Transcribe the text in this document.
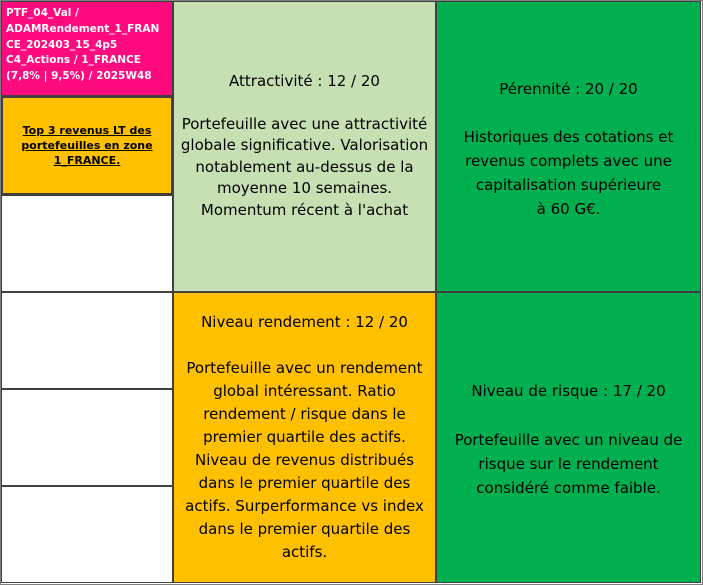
PTF_04_Val /
ADAMRendement_1_FRAN
CE_202403_15_4p5
C4_Actions / 1_FRANCE
(7,8% | 9,5%) / 2025W48
Top 3 revenus LT des
portefeuilles en zone
1_FRANCE.
Attractivité : 12 / 20
Portefeuille avec une attractivité
globale significative. Valorisation
notablement au-dessus de la
moyenne 10 semaines.
Momentum récent à l'achat
Pérennité : 20 / 20
Historiques des cotations et
revenus complets avec une
capitalisation supérieure
à 60 G€.
Niveau rendement : 12 / 20
Portefeuille avec un rendement
global intéressant. Ratio
rendement / risque dans le
premier quartile des actifs.
Niveau de revenus distribués
dans le premier quartile des
actifs. Surperformance vs index
dans le premier quartile des
actifs.
Niveau de risque : 17 / 20
Portefeuille avec un niveau de
risque sur le rendement
considéré comme faible.
